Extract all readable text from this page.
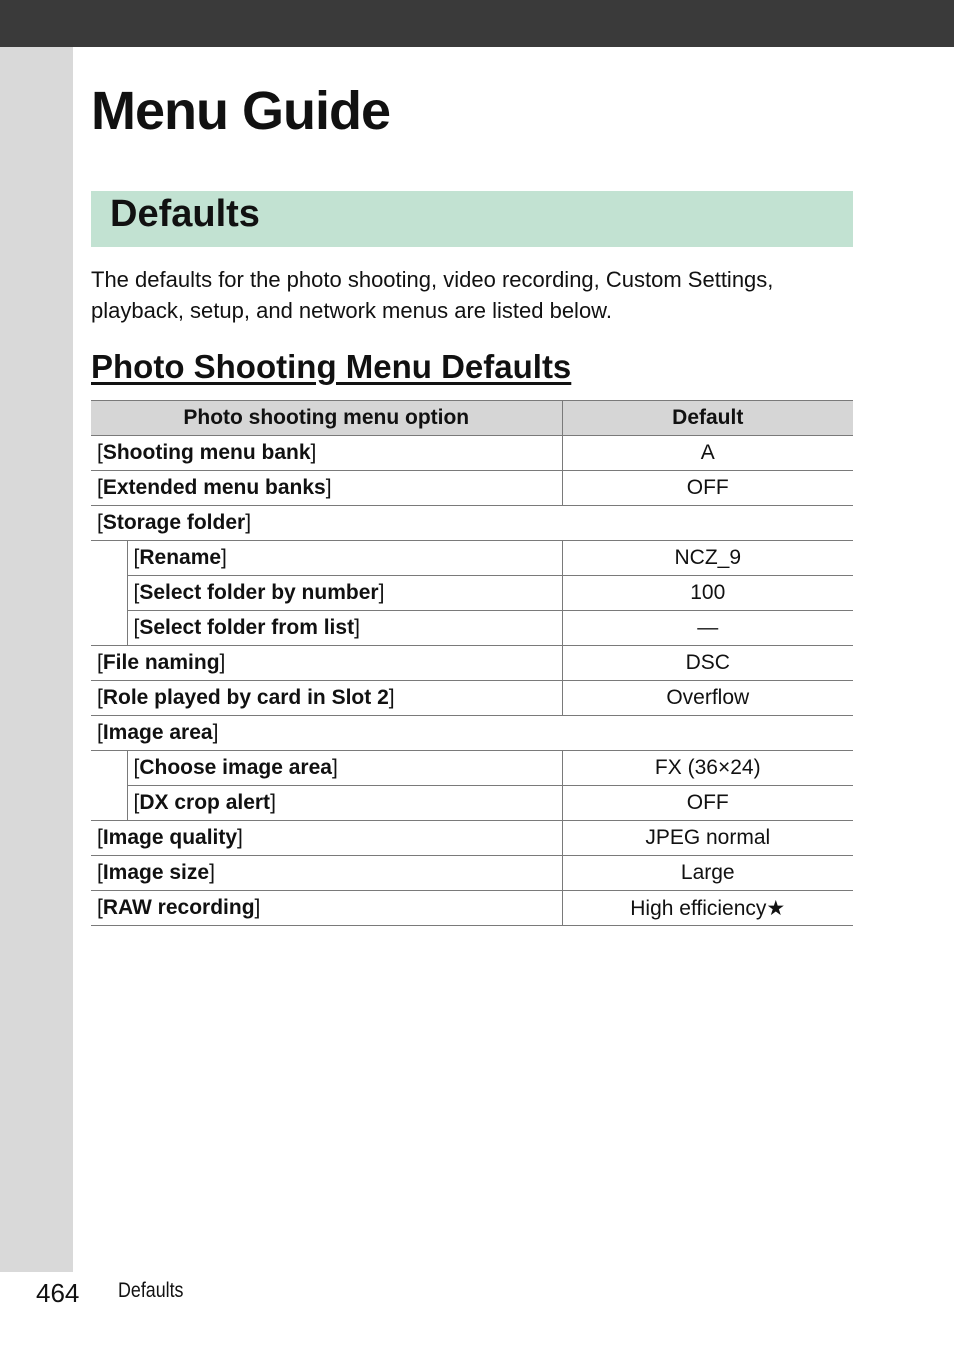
Menu Guide
Defaults

The defaults for the photo shooting, video recording, Custom Settings, playback, setup, and network menus are listed below.

Photo Shooting Menu Defaults
Photo shooting menu option		Default
[Shooting menu bank]		A
[Extended menu banks]		OFF
[Storage folder]		
	[Rename]	NCZ_9
	[Select folder by number]	100
	[Select folder from list]	—
[File naming]		DSC
[Role played by card in Slot 2]		Overflow
[Image area]		
	[Choose image area]	FX (36×24)
	[DX crop alert]	OFF
[Image quality]		JPEG normal
[Image size]		Large
[RAW recording]		High efficiency★
464 Defaults
